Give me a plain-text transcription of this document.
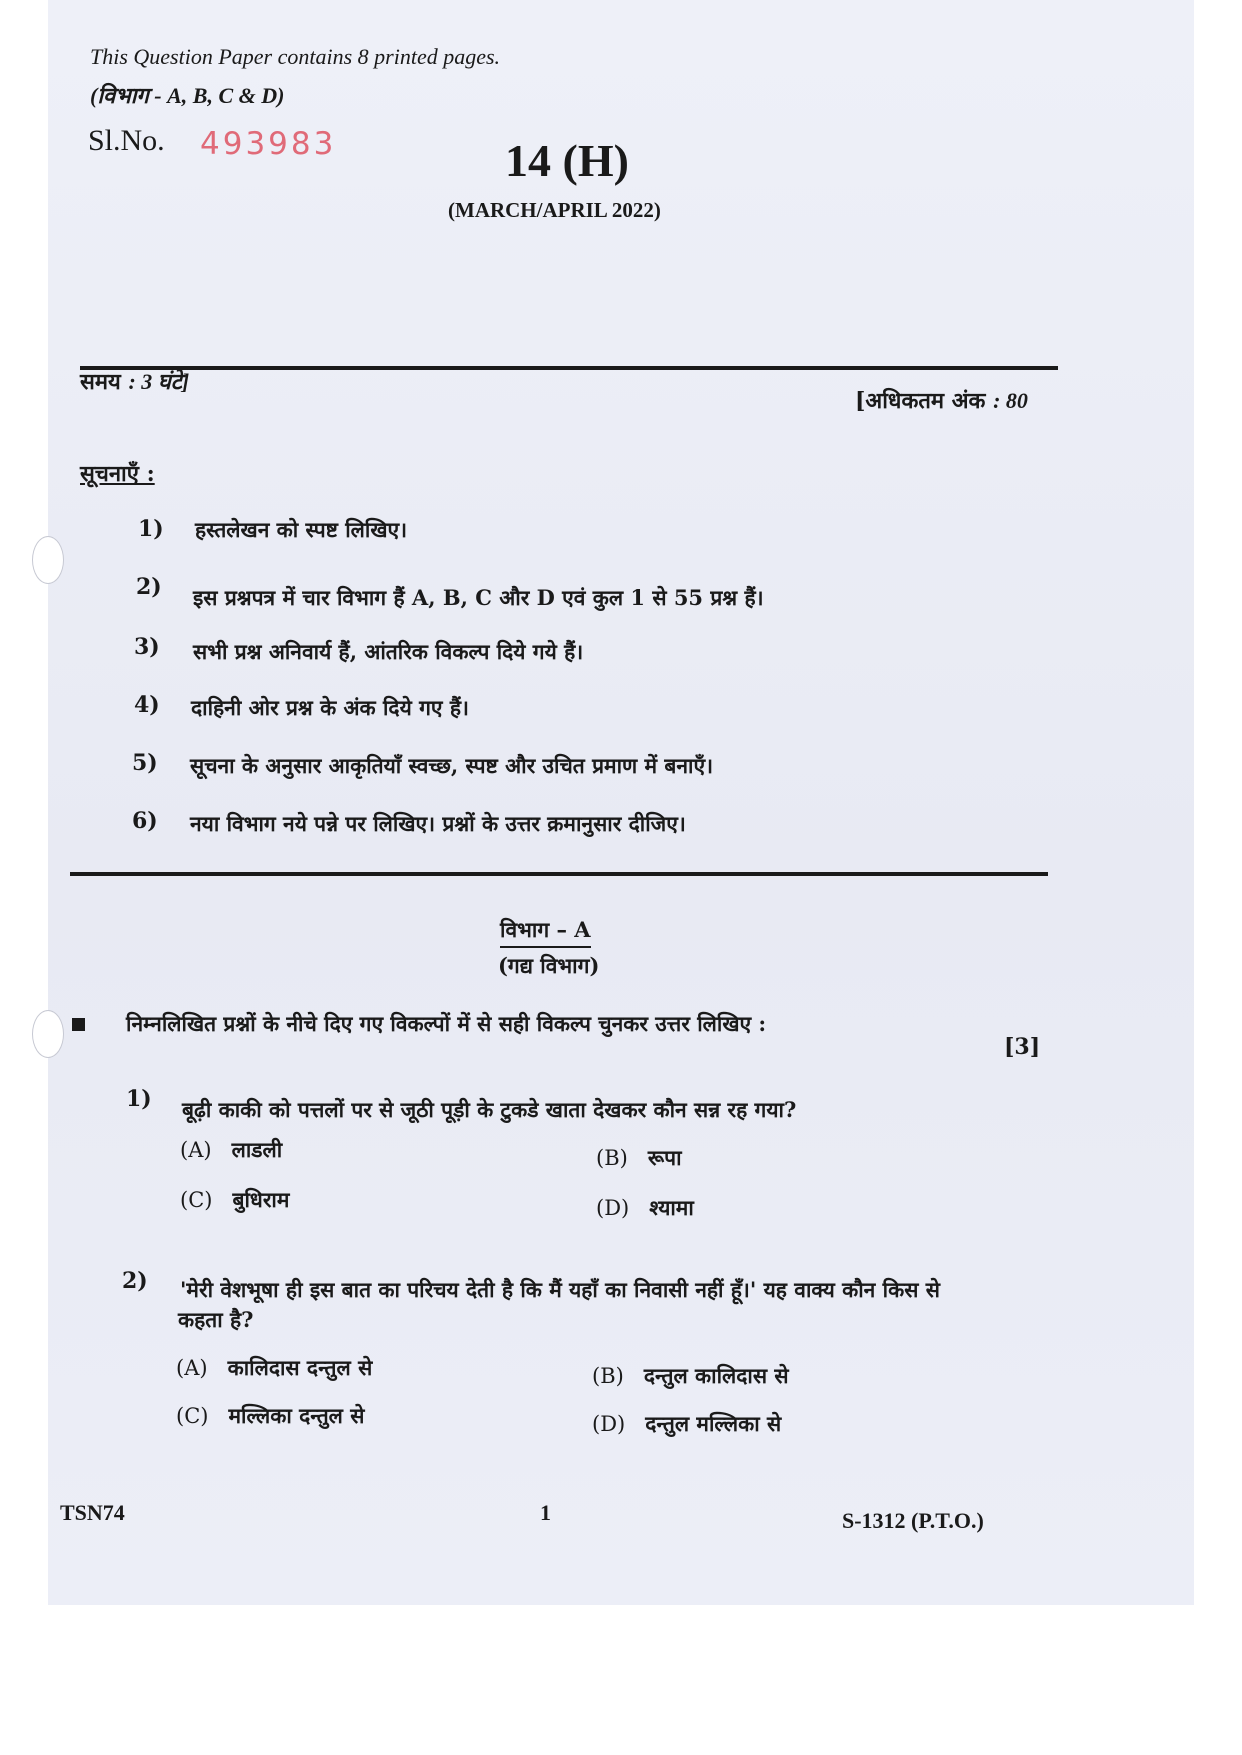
This Question Paper contains 8 printed pages.
(विभाग - A, B, C & D)
Sl.No. 493983	14 (H)
(MARCH/APRIL 2022)
समय : 3 घंटे]
[अधिकतम अंक : 80
सूचनाएँ :
1) हस्तलेखन को स्पष्ट लिखिए।
2) इस प्रश्नपत्र में चार विभाग हैं A, B, C और D एवं कुल 1 से 55 प्रश्न हैं।
3) सभी प्रश्न अनिवार्य हैं, आंतरिक विकल्प दिये गये हैं।
4) दाहिनी ओर प्रश्न के अंक दिये गए हैं।
5) सूचना के अनुसार आकृतियाँ स्वच्छ, स्पष्ट और उचित प्रमाण में बनाएँ।
6) नया विभाग नये पन्ने पर लिखिए। प्रश्नों के उत्तर क्रमानुसार दीजिए।
विभाग – A
(गद्य विभाग)
निम्नलिखित प्रश्नों के नीचे दिए गए विकल्पों में से सही विकल्प चुनकर उत्तर लिखिए :
[3]
1) बूढ़ी काकी को पत्तलों पर से जूठी पूड़ी के टुकडे खाता देखकर कौन सन्न रह गया?
(A) लाडली	(B) रूपा
(C) बुधिराम	(D) श्यामा
2) 'मेरी वेशभूषा ही इस बात का परिचय देती है कि मैं यहाँ का निवासी नहीं हूँ।' यह वाक्य कौन किस से
कहता है?
(A) कालिदास दन्तुल से	(B) दन्तुल कालिदास से
(C) मल्लिका दन्तुल से	(D) दन्तुल मल्लिका से
TSN74	1	S-1312 (P.T.O.)
